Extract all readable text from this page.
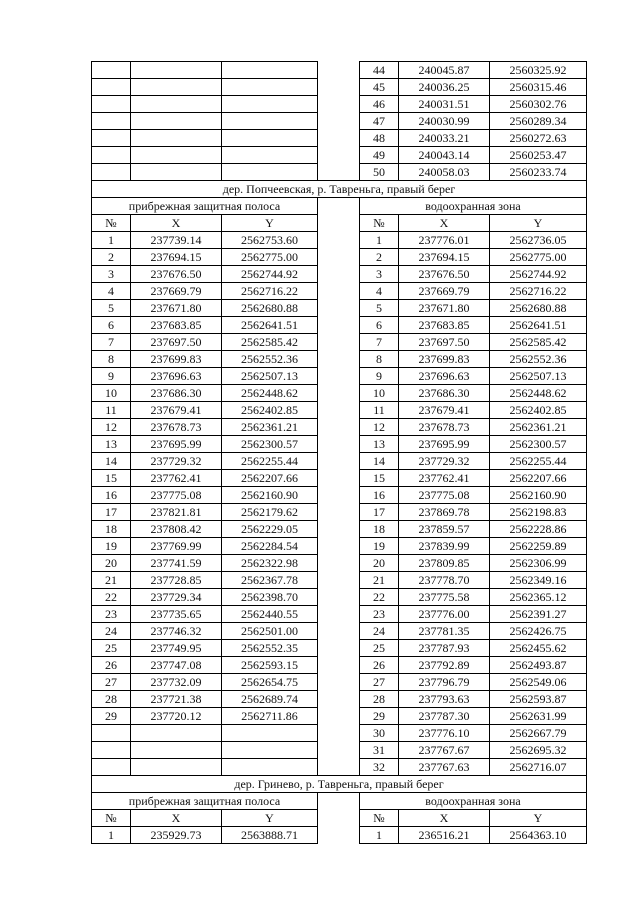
				44	240045.87	2560325.92
				45	240036.25	2560315.46
				46	240031.51	2560302.76
				47	240030.99	2560289.34
				48	240033.21	2560272.63
				49	240043.14	2560253.47
				50	240058.03	2560233.74
дер. Попчеевская, р. Тавреньга, правый берег						
прибрежная защитная полоса				водоохранная зона		
№	X	Y		№	X	Y
1	237739.14	2562753.60		1	237776.01	2562736.05
2	237694.15	2562775.00		2	237694.15	2562775.00
3	237676.50	2562744.92		3	237676.50	2562744.92
4	237669.79	2562716.22		4	237669.79	2562716.22
5	237671.80	2562680.88		5	237671.80	2562680.88
6	237683.85	2562641.51		6	237683.85	2562641.51
7	237697.50	2562585.42		7	237697.50	2562585.42
8	237699.83	2562552.36		8	237699.83	2562552.36
9	237696.63	2562507.13		9	237696.63	2562507.13
10	237686.30	2562448.62		10	237686.30	2562448.62
11	237679.41	2562402.85		11	237679.41	2562402.85
12	237678.73	2562361.21		12	237678.73	2562361.21
13	237695.99	2562300.57		13	237695.99	2562300.57
14	237729.32	2562255.44		14	237729.32	2562255.44
15	237762.41	2562207.66		15	237762.41	2562207.66
16	237775.08	2562160.90		16	237775.08	2562160.90
17	237821.81	2562179.62		17	237869.78	2562198.83
18	237808.42	2562229.05		18	237859.57	2562228.86
19	237769.99	2562284.54		19	237839.99	2562259.89
20	237741.59	2562322.98		20	237809.85	2562306.99
21	237728.85	2562367.78		21	237778.70	2562349.16
22	237729.34	2562398.70		22	237775.58	2562365.12
23	237735.65	2562440.55		23	237776.00	2562391.27
24	237746.32	2562501.00		24	237781.35	2562426.75
25	237749.95	2562552.35		25	237787.93	2562455.62
26	237747.08	2562593.15		26	237792.89	2562493.87
27	237732.09	2562654.75		27	237796.79	2562549.06
28	237721.38	2562689.74		28	237793.63	2562593.87
29	237720.12	2562711.86		29	237787.30	2562631.99
				30	237776.10	2562667.79
				31	237767.67	2562695.32
				32	237767.63	2562716.07
дер. Гринево, р. Тавреньга, правый берег						
прибрежная защитная полоса				водоохранная зона		
№	X	Y		№	X	Y
1	235929.73	2563888.71		1	236516.21	2564363.10
